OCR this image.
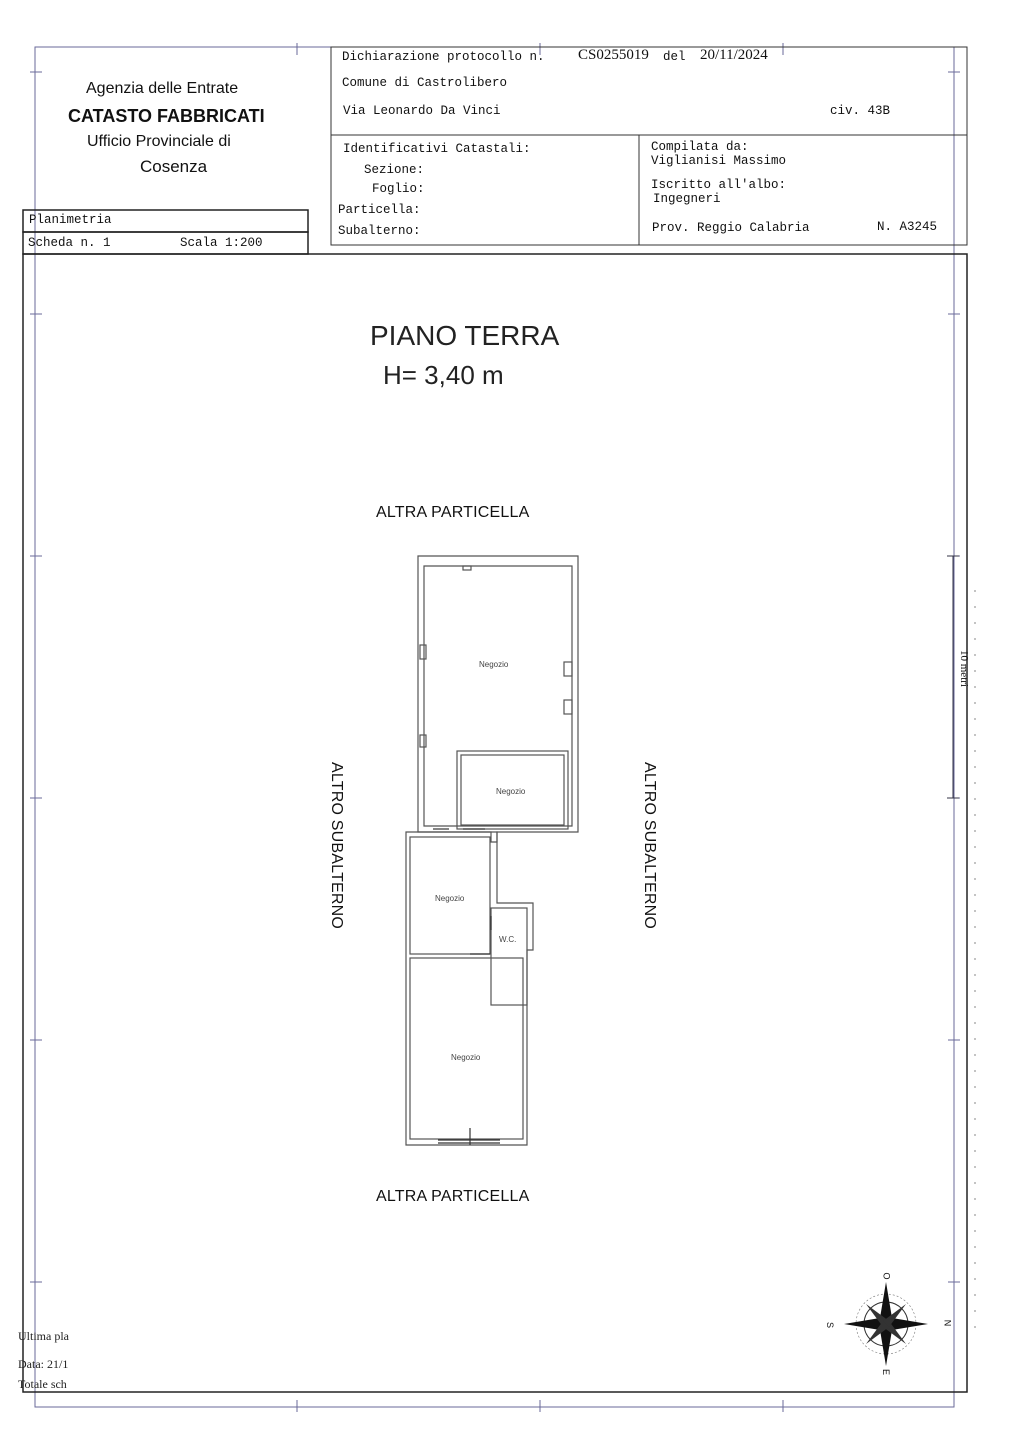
Agenzia delle Entrate
CATASTO FABBRICATI
Ufficio Provinciale di
Cosenza
Dichiarazione protocollo n. CS0255019 del 20/11/2024
Comune di Castrolibero
Via Leonardo Da Vinci	civ. 43B
Identificativi Catastali:
Sezione:
Foglio:
Particella:
Subalterno:
Compilata da:
Viglianisi Massimo
Iscritto all'albo:
Ingegneri
Prov. Reggio Calabria	N. A3245
Planimetria
Scheda n. 1	Scala 1:200
PIANO TERRA
H= 3,40 m
ALTRA PARTICELLA
ALTRA PARTICELLA
ALTRO SUBALTERNO	ALTRO SUBALTERNO
Negozio
Negozio
Negozio
W.C.
Negozio
10 metri
O
N
S
E
Ultima pla
Data: 21/1
Totale sch
